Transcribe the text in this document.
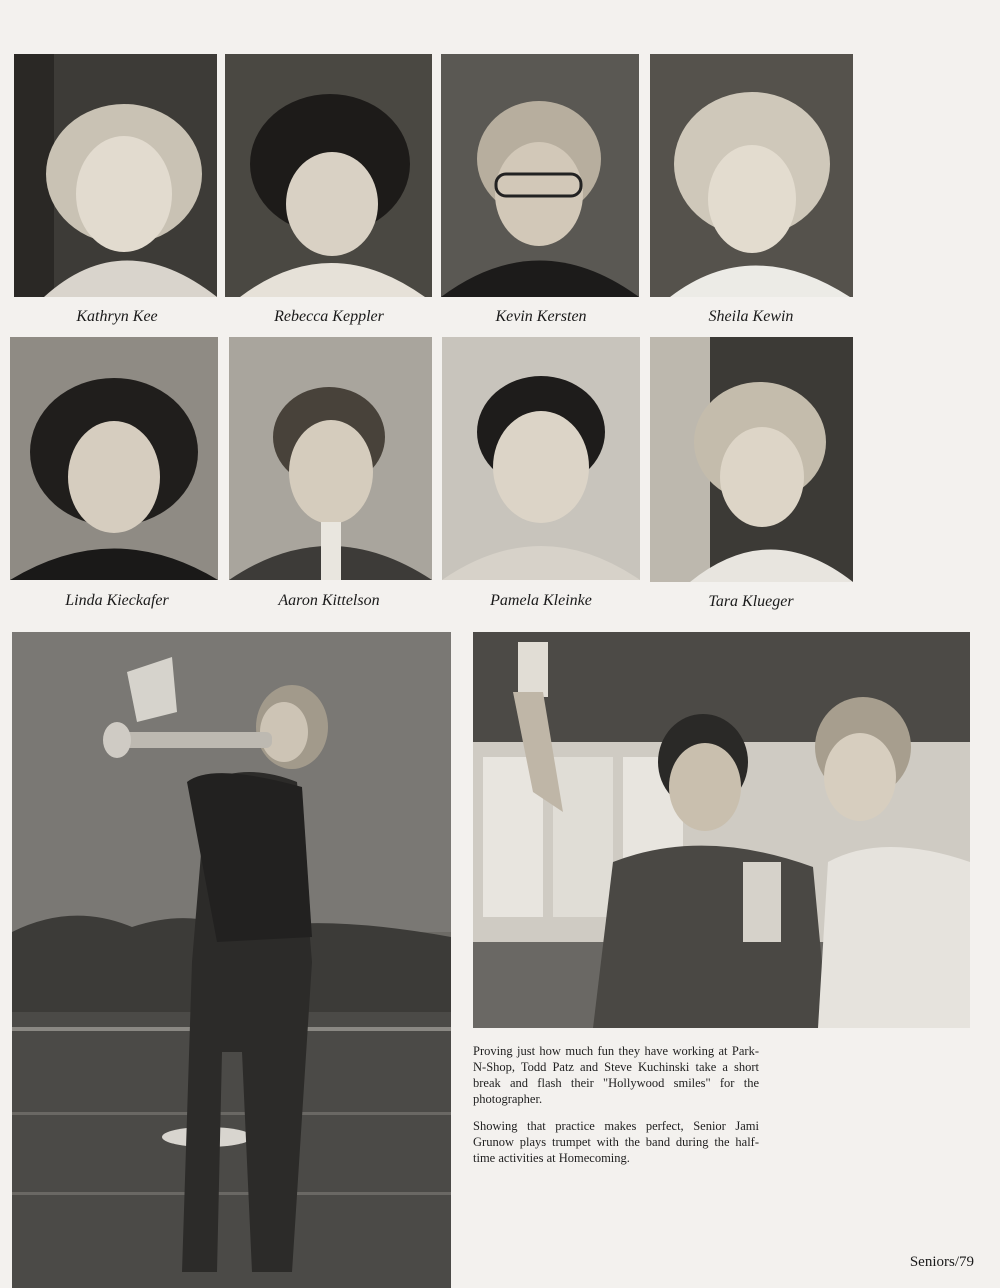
Kathryn Kee	Rebecca Keppler	Kevin Kersten	Sheila Kewin
Linda Kieckafer	Aaron Kittelson	Pamela Kleinke	Tara Klueger
Proving just how much fun they have working at Park-N-Shop, Todd Patz and Steve Kuchinski take a short break and flash their "Hollywood smiles" for the photographer.
Showing that practice makes perfect, Senior Jami Grunow plays trumpet with the band during the half-time activities at Homecoming.
Seniors/79
